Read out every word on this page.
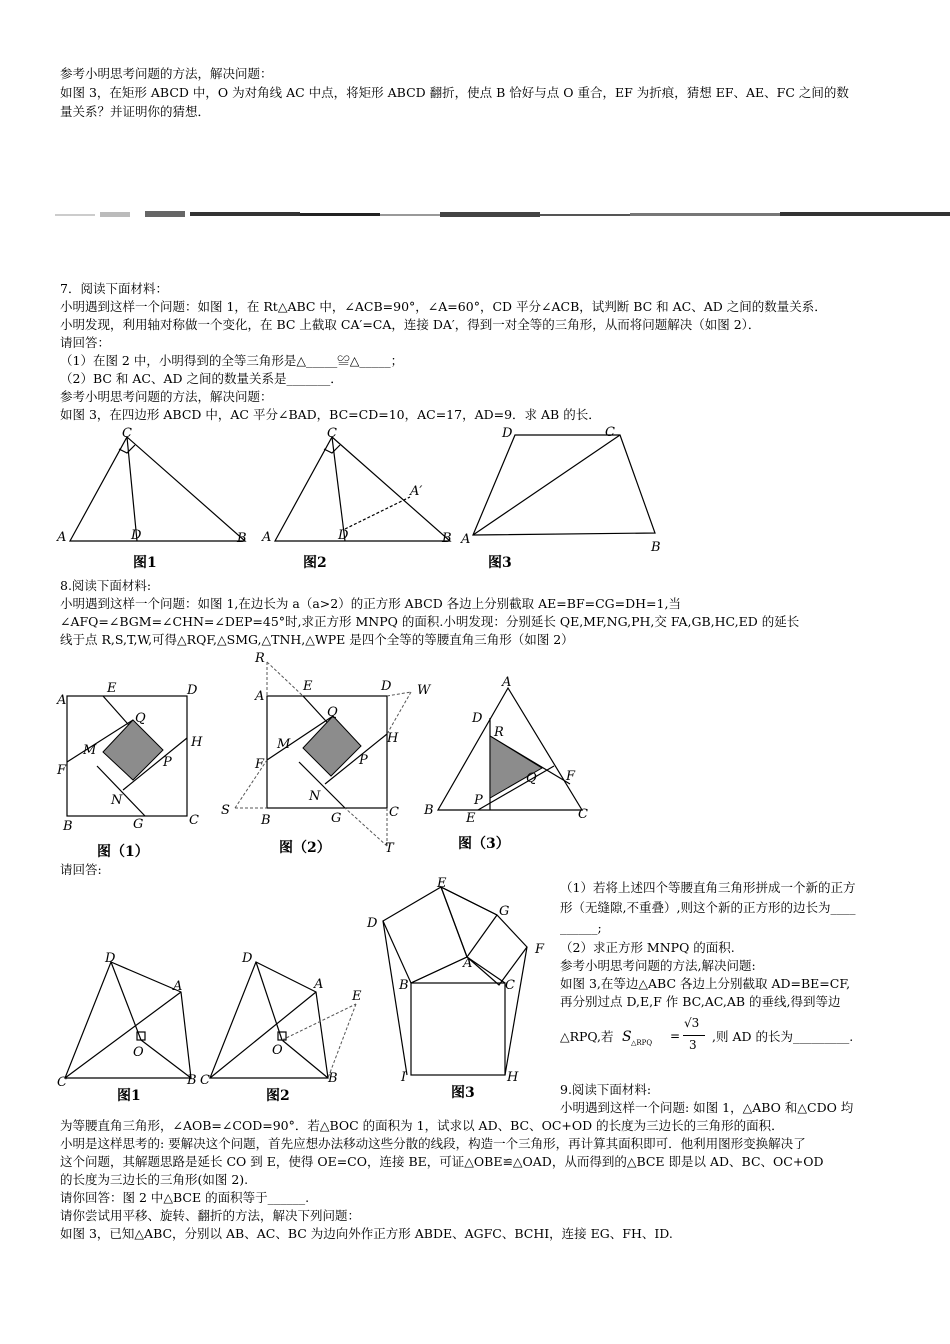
参考小明思考问题的方法，解决问题：
如图 3，在矩形 ABCD 中，O 为对角线 AC 中点，将矩形 ABCD 翻折，使点 B 恰好与点 O 重合，EF 为折痕，猜想 EF、AE、FC 之间的数
量关系？并证明你的猜想．
7．阅读下面材料：
小明遇到这样一个问题：如图 1，在 Rt△ABC 中，∠ACB=90°，∠A=60°，CD 平分∠ACB，试判断 BC 和 AC、AD 之间的数量关系．
小明发现，利用轴对称做一个变化，在 BC 上截取 CA′=CA，连接 DA′，得到一对全等的三角形，从而将问题解决（如图 2）．
请回答：
（1）在图 2 中，小明得到的全等三角形是△_____≌△_____；
（2）BC 和 AC、AD 之间的数量关系是_______．
参考小明思考问题的方法，解决问题：
如图 3，在四边形 ABCD 中，AC 平分∠BAD，BC=CD=10，AC=17，AD=9．求 AB 的长．
C
A	D	B
图1
C
A	D	B
A′
图2
D	C
A
B
图3
8.阅读下面材料:
小明遇到这样一个问题：如图 1,在边长为 a（a>2）的正方形 ABCD 各边上分别截取 AE=BF=CG=DH=1,当
∠AFQ=∠BGM=∠CHN=∠DEP=45°时,求正方形 MNPQ 的面积.小明发现：分别延长 QE,MF,NG,PH,交 FA,GB,HC,ED 的延长
线于点 R,S,T,W,可得△RQF,△SMG,△TNH,△WPE 是四个全等的等腰直角三角形（如图 2）
A
E	D
Q
M
P
N
F
H
B	G	C
图（1）
R
A
E	D W
Q
M
P
N
F
H
S
B	G	C
T
图（2）
A
D
R
Q
P
F
B
E	C
图（3）
请回答:
（1）若将上述四个等腰直角三角形拼成一个新的正方
形（无缝隙,不重叠）,则这个新的正方形的边长为____
______;
（2）求正方形 MNPQ 的面积.
参考小明思考问题的方法,解决问题:
如图 3,在等边△ABC 各边上分别截取 AD=BE=CF,
再分别过点 D,E,F 作 BC,AC,AB 的垂线,得到等边
△RPQ,若 S △RPQ =
√3
3
,则 AD 的长为_________.
D
A
O
C	B
图1
D
A
O
C	B
E
图2
E
G
D
F
A
B	C
I	H
图3	9.阅读下面材料:
小明遇到这样一个问题: 如图 1，△ABO 和△CDO 均
为等腰直角三角形，∠AOB=∠COD=90°．若△BOC 的面积为 1，试求以 AD、BC、OC+OD 的长度为三边长的三角形的面积．
小明是这样思考的: 要解决这个问题，首先应想办法移动这些分散的线段，构造一个三角形，再计算其面积即可．他利用图形变换解决了
这个问题，其解题思路是延长 CO 到 E，使得 OE=CO，连接 BE，可证△OBE≌△OAD，从而得到的△BCE 即是以 AD、BC、OC+OD
的长度为三边长的三角形(如图 2).
请你回答：图 2 中△BCE 的面积等于______.
请你尝试用平移、旋转、翻折的方法，解决下列问题：
如图 3，已知△ABC，分别以 AB、AC、BC 为边向外作正方形 ABDE、AGFC、BCHI，连接 EG、FH、ID.
